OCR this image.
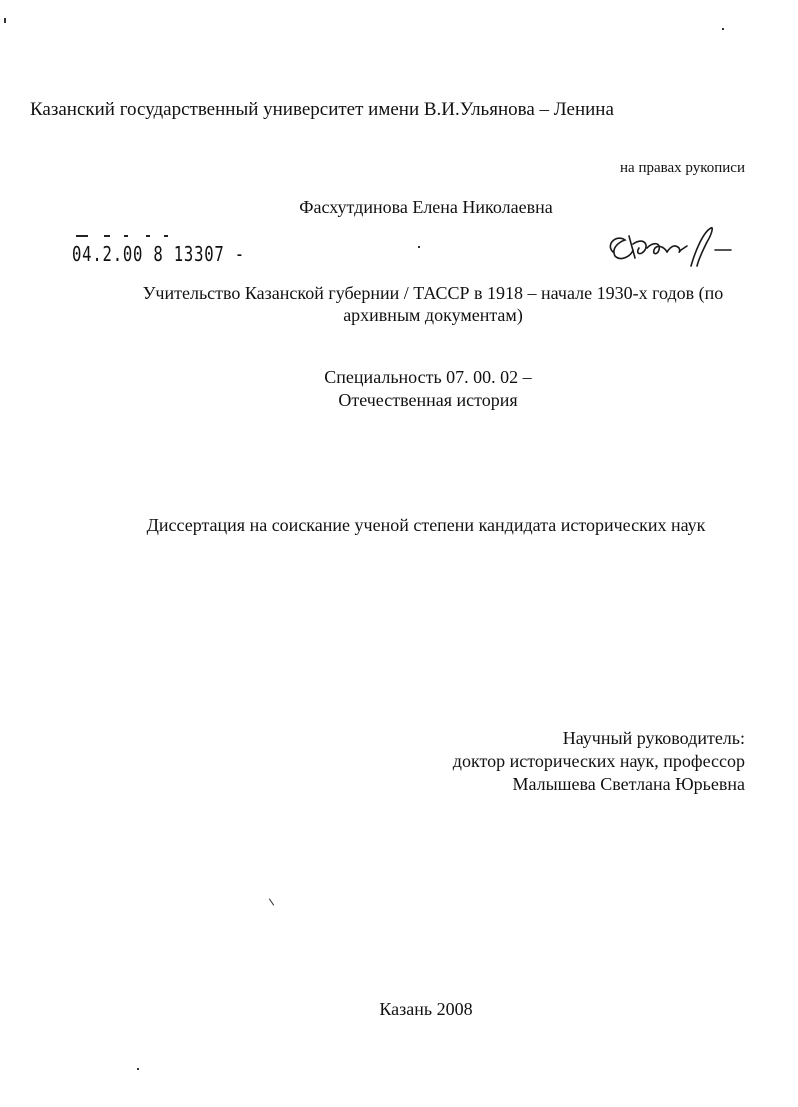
Казанский государственный университет имени В.И.Ульянова – Ленина
на правах рукописи
Фасхутдинова Елена Николаевна
04.2.00 8 13307 -
Учительство Казанской губернии / ТАССР в 1918 – начале 1930-х годов (по
архивным документам)
Специальность 07. 00. 02 –
Отечественная история
Диссертация на соискание ученой степени кандидата исторических наук
Научный руководитель:
доктор исторических наук, профессор
Малышева Светлана Юрьевна
Казань 2008
